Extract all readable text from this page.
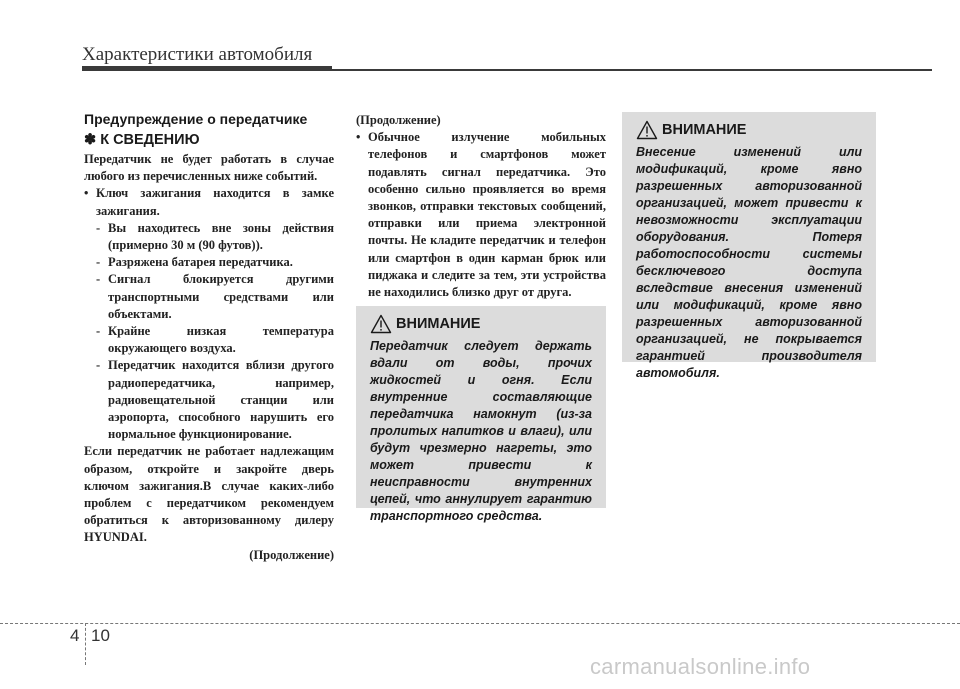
Характеристики автомобиля
Предупреждение о передатчике
✽ К СВЕДЕНИЮ
Передатчик не будет работать в случае любого из перечисленных ниже событий.
• Ключ зажигания находится в замке зажигания.
- Вы находитесь вне зоны действия (примерно 30 м (90 футов)).
- Разряжена батарея передатчика.
- Сигнал блокируется другими транспортными средствами или объектами.
- Крайне низкая температура окружающего воздуха.
- Передатчик находится вблизи другого радиопередатчика, например, радиовещательной станции или аэропорта, способного нарушить его нормальное функционирование.
Если передатчик не работает надлежащим образом, откройте и закройте дверь ключом зажигания.В случае каких-либо проблем с передатчиком рекомендуем обратиться к авторизованному дилеру HYUNDAI.
(Продолжение)
(Продолжение)
• Обычное излучение мобильных телефонов и смартфонов может подавлять сигнал передатчика. Это особенно сильно проявляется во время звонков, отправки текстовых сообщений, отправки или приема электронной почты. Не кладите передатчик и телефон или смартфон в один карман брюк или пиджака и следите за тем, эти устройства не находились близко друг от друга.
ВНИМАНИЕ
Передатчик следует держать вдали от воды, прочих жидкостей и огня. Если внутренние составляющие передатчика намокнут (из-за пролитых напитков и влаги), или будут чрезмерно нагреты, это может привести к неисправности внутренних цепей, что аннулирует гарантию транспортного средства.
ВНИМАНИЕ
Внесение изменений или модификаций, кроме явно разрешенных авторизованной организацией, может привести к невозможности эксплуатации оборудования. Потеря работоспособности системы бесключевого доступа вследствие внесения изменений или модификаций, кроме явно разрешенных авторизованной организацией, не покрывается гарантией производителя автомобиля.
4 10
carmanualsonline.info
